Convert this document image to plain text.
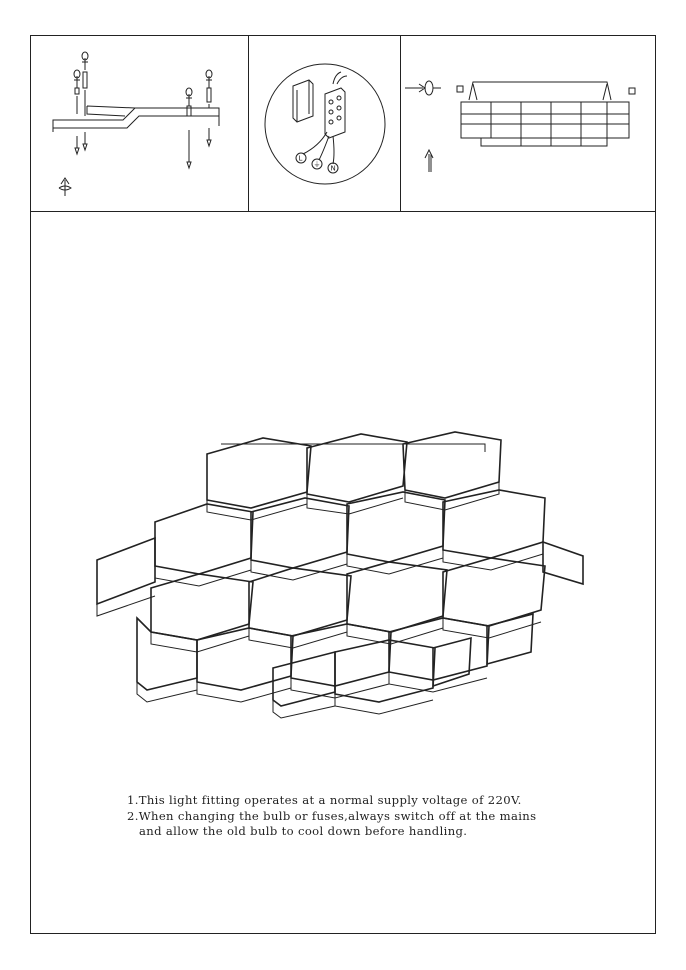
L
⏚ N

1.This light fitting operates at a normal supply voltage of 220V.

2.When changing the bulb or fuses,always switch off at the mains

and allow the old bulb to cool down before handling.
